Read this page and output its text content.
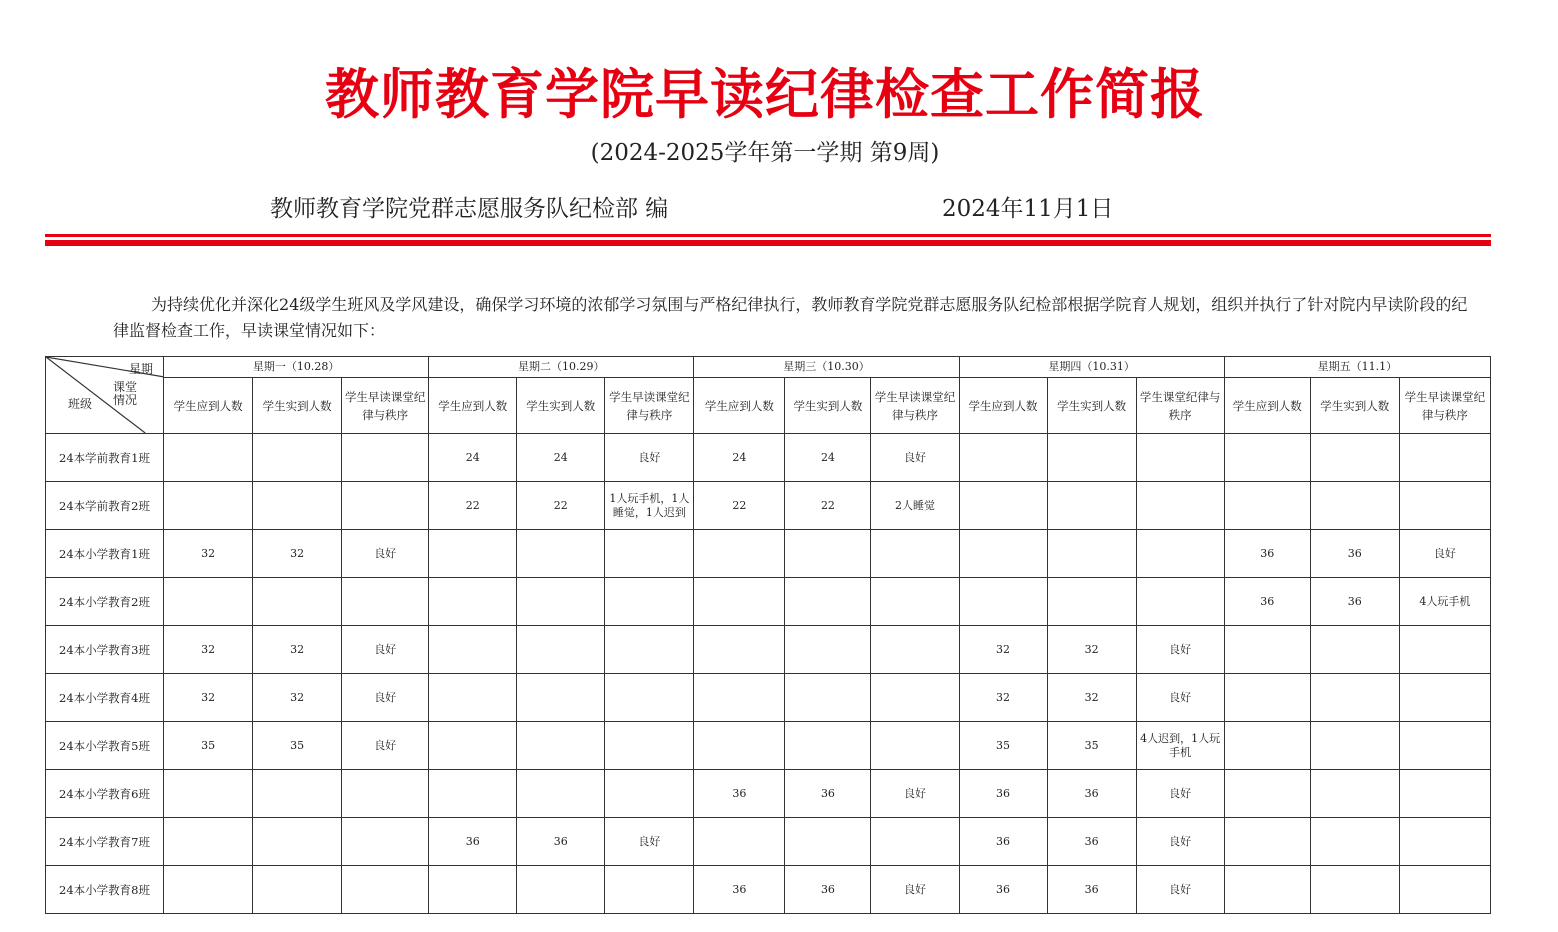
教师教育学院早读纪律检查工作简报
(2024-2025学年第一学期 第9周)
教师教育学院党群志愿服务队纪检部 编	2024年11月1日

为持续优化并深化24级学生班风及学风建设，确保学习环境的浓郁学习氛围与严格纪律执行，教师教育学院党群志愿服务队纪检部根据学院育人规划，组织并执行了针对院内早读阶段的纪律监督检查工作，早读课堂情况如下：

星期
课堂情况
班级	星期一（10.28）			星期二（10.29）			星期三（10.30）			星期四（10.31）			星期五（11.1）		
	学生应到人数	学生实到人数	学生早读课堂纪律与秩序	学生应到人数	学生实到人数	学生早读课堂纪律与秩序	学生应到人数	学生实到人数	学生早读课堂纪律与秩序	学生应到人数	学生实到人数	学生课堂纪律与秩序	学生应到人数	学生实到人数	学生早读课堂纪律与秩序
24本学前教育1班				24	24	良好	24	24	良好						
24本学前教育2班				22	22	1人玩手机，1人睡觉，1人迟到	22	22	2人睡觉						
24本小学教育1班	32	32	良好										36	36	良好
24本小学教育2班													36	36	4人玩手机
24本小学教育3班	32	32	良好							32	32	良好			
24本小学教育4班	32	32	良好							32	32	良好			
24本小学教育5班	35	35	良好							35	35	4人迟到，1人玩手机			
24本小学教育6班							36	36	良好	36	36	良好			
24本小学教育7班				36	36	良好				36	36	良好			
24本小学教育8班							36	36	良好	36	36	良好			
